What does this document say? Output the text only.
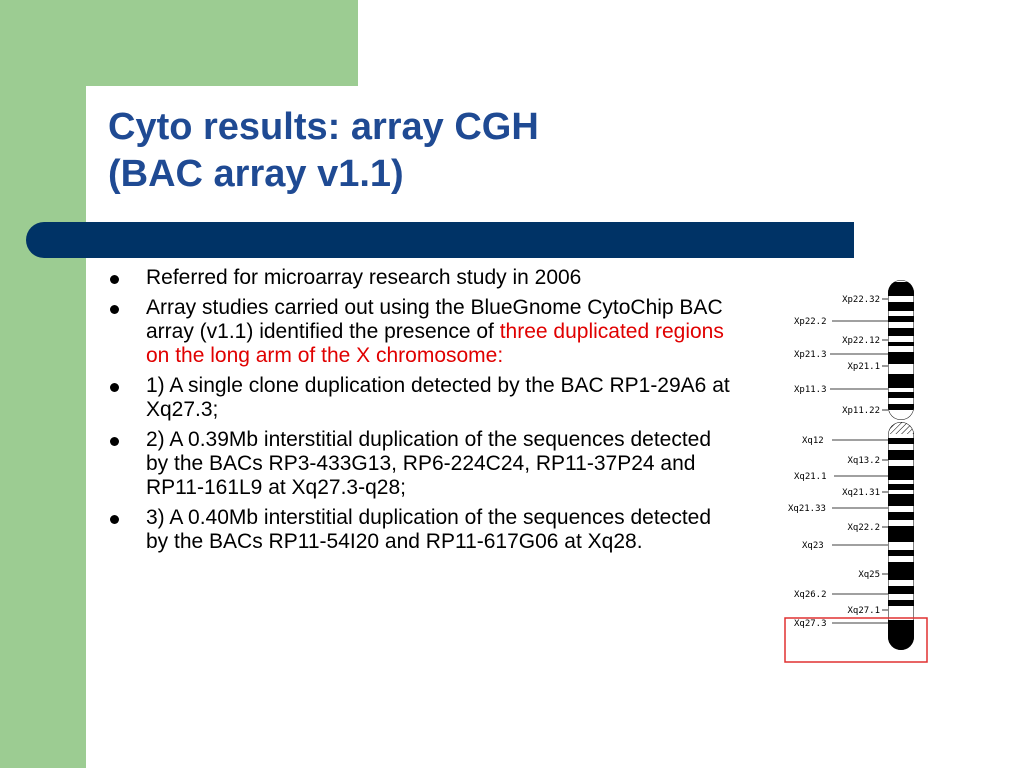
Cyto results: array CGH
(BAC array v1.1)
Referred for microarray research study in 2006
Array studies carried out using the BlueGnome CytoChip BAC array (v1.1) identified the presence of three duplicated regions on the long arm of the X chromosome:
1) A single clone duplication detected by the BAC RP1-29A6 at Xq27.3;
2) A 0.39Mb interstitial duplication of the sequences detected by the BACs RP3-433G13, RP6-224C24, RP11-37P24 and RP11-161L9 at Xq27.3-q28;
3) A 0.40Mb interstitial duplication of the sequences detected by the BACs RP11-54I20 and RP11-617G06 at Xq28.
Xp22.32
Xp22.2
Xp22.12
Xp21.3
Xp21.1
Xp11.3
Xp11.22
Xq12
Xq13.2
Xq21.1
Xq21.31
Xq21.33
Xq22.2
Xq23
Xq25
Xq26.2
Xq27.1
Xq27.3
